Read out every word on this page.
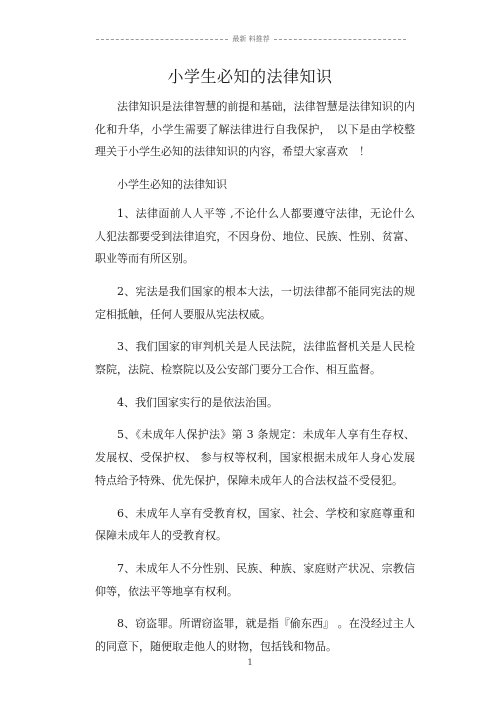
最新 料推荐
小学生必知的法律知识

法律知识是法律智慧的前提和基础，法律智慧是法律知识的内化和升华，小学生需要了解法律进行自我保护，　以下是由学校整理关于小学生必知的法律知识的内容，希望大家喜欢　！

小学生必知的法律知识

1、法律面前人人平等 ,不论什么人都要遵守法律，无论什么人犯法都要受到法律追究，不因身份、地位、民族、性别、贫富、职业等而有所区别。

2、宪法是我们国家的根本大法，一切法律都不能同宪法的规定相抵触，任何人要服从宪法权威。

3、我们国家的审判机关是人民法院，法律监督机关是人民检察院，法院、检察院以及公安部门要分工合作、相互监督。

4、我们国家实行的是依法治国。

5、《未成年人保护法》第 3 条规定：未成年人享有生存权、发展权、受保护权、 参与权等权利，国家根据未成年人身心发展特点给予特殊、优先保护，保障未成年人的合法权益不受侵犯。

6、未成年人享有受教育权，国家、社会、学校和家庭尊重和保障未成年人的受教育权。

7、未成年人不分性别、民族、种族、家庭财产状况、宗教信仰等，依法平等地享有权利。

8、窃盗罪。所谓窃盗罪，就是指『偷东西』 。在没经过主人的同意下，随便取走他人的财物，包括钱和物品。

1
